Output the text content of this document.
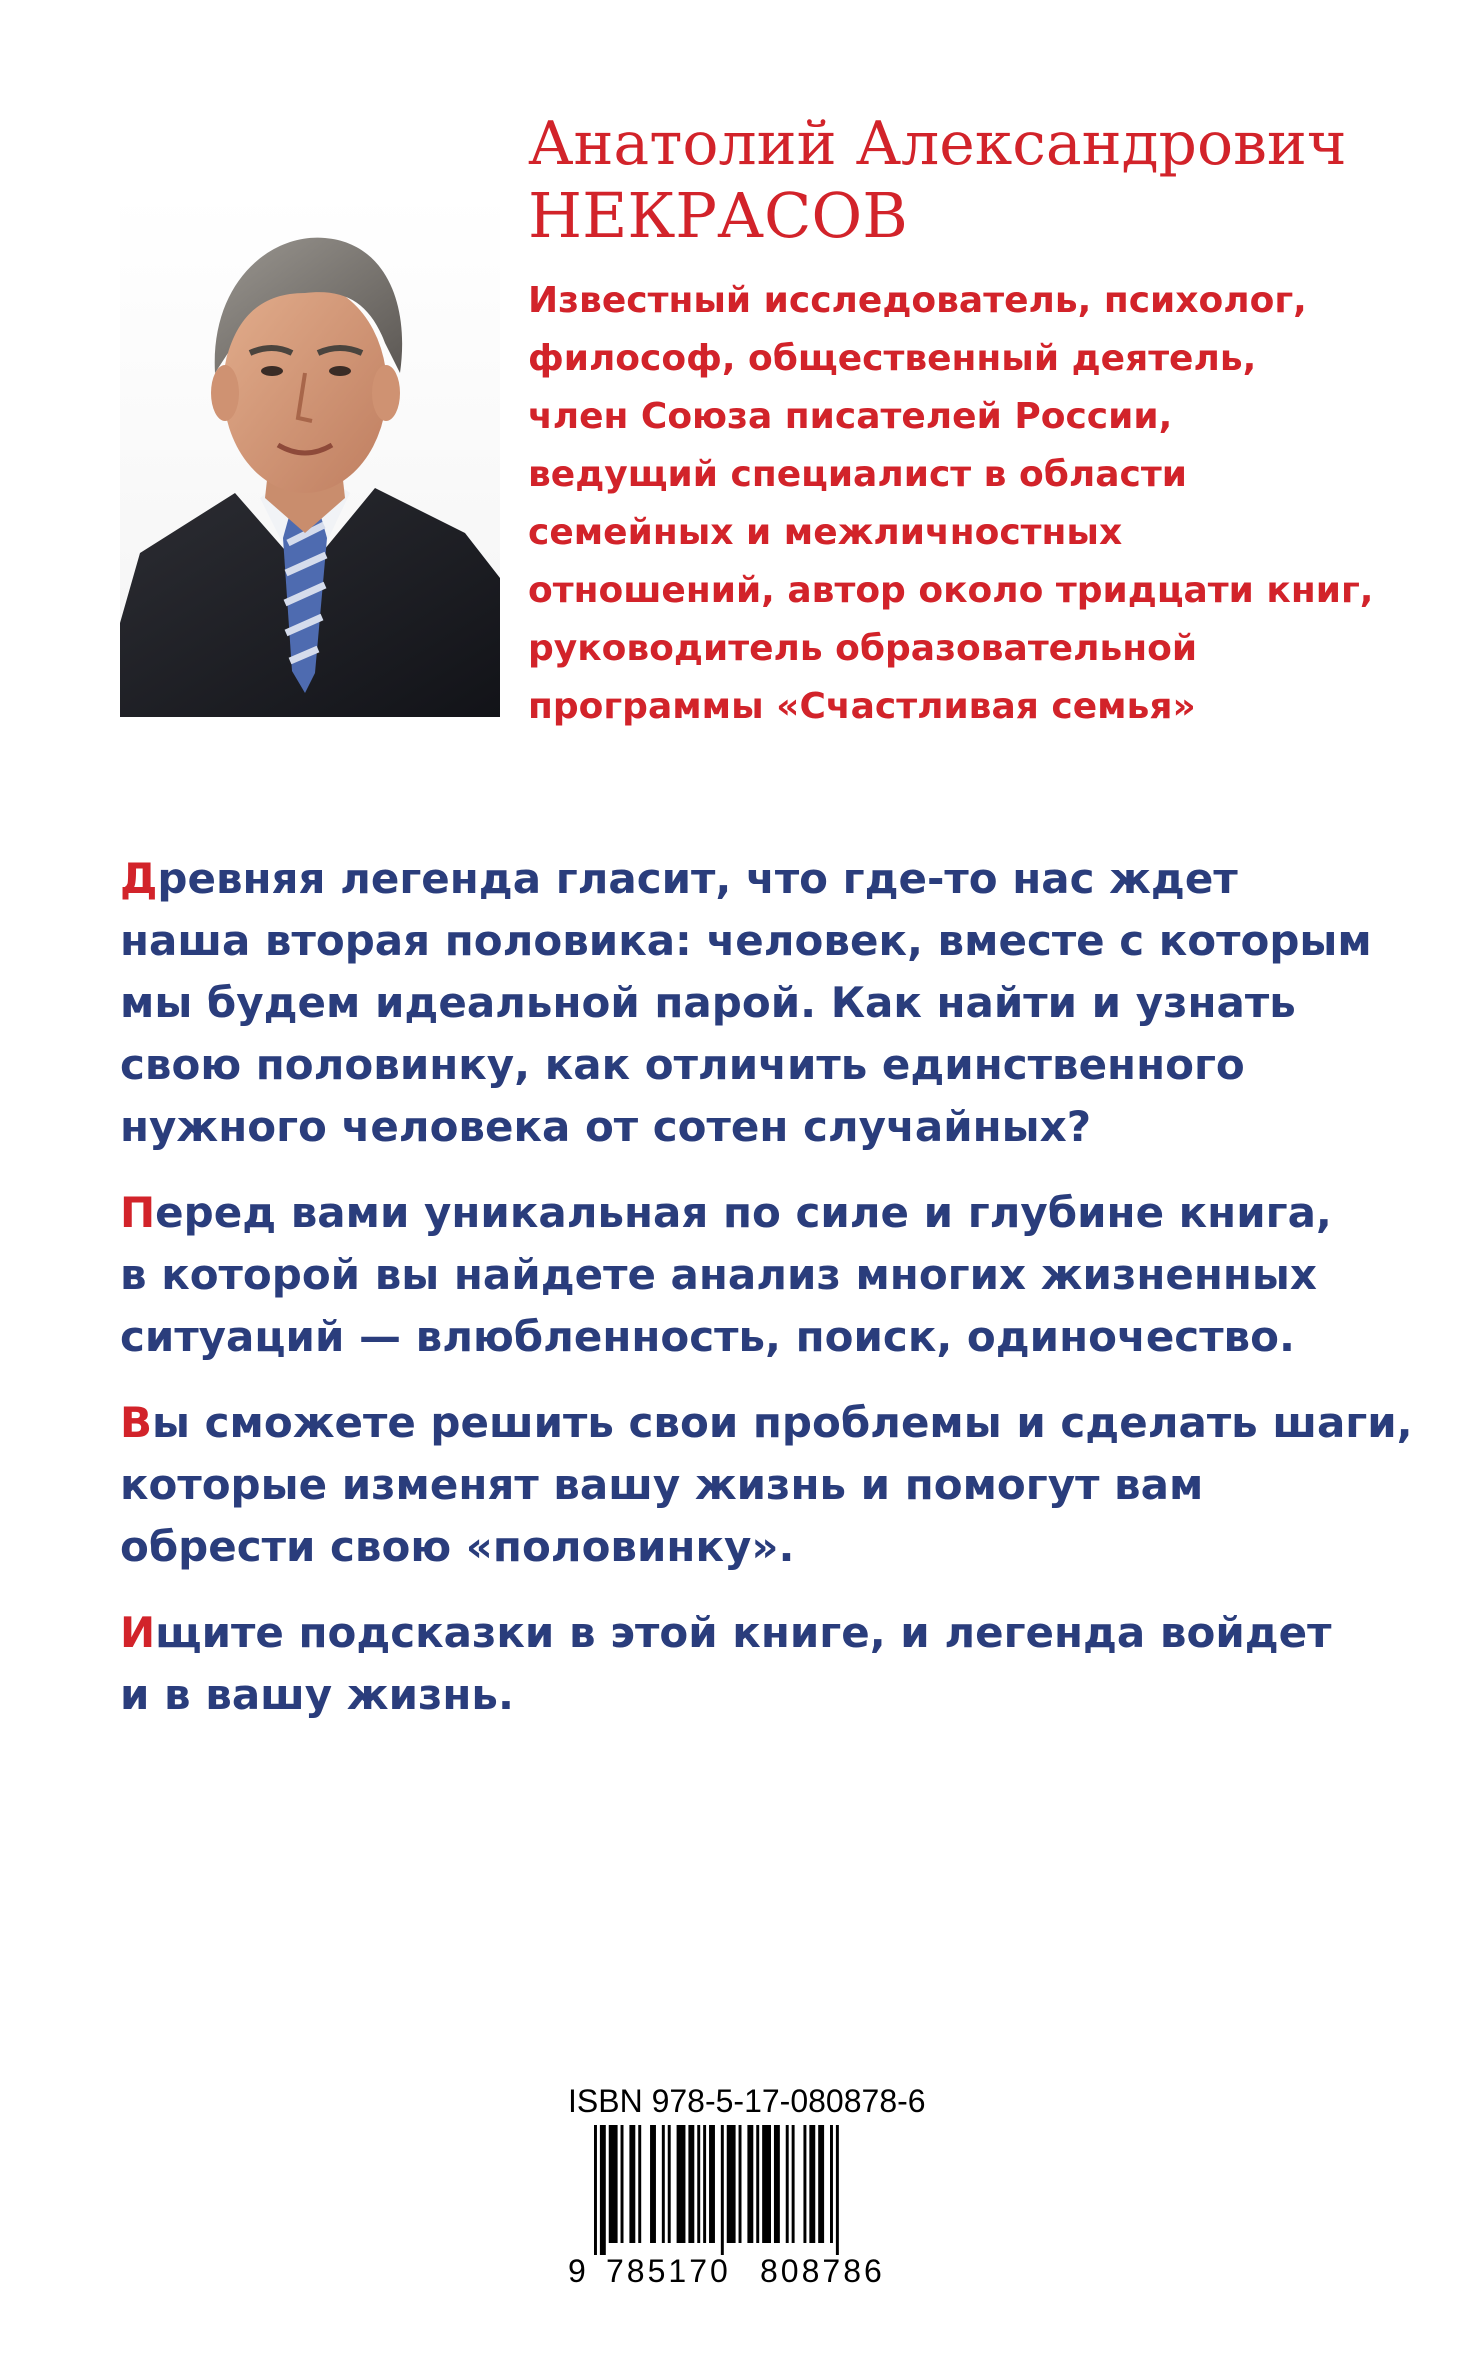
Анатолий Александрович
НЕКРАСОВ
Известный исследователь, психолог,
философ, общественный деятель,
член Союза писателей России,
ведущий специалист в области
семейных и межличностных
отношений, автор около тридцати книг,
руководитель образовательной
программы «Счастливая семья»

Древняя легенда гласит, что где-то нас ждет
наша вторая половика: человек, вместе с которым
мы будем идеальной парой. Как найти и узнать
свою половинку, как отличить единственного
нужного человека от сотен случайных?

Перед вами уникальная по силе и глубине книга,
в которой вы найдете анализ многих жизненных
ситуаций — влюбленность, поиск, одиночество.

Вы сможете решить свои проблемы и сделать шаги,
которые изменят вашу жизнь и помогут вам
обрести свою «половинку».

Ищите подсказки в этой книге, и легенда войдет
и в вашу жизнь.

ISBN 978-5-17-080878-6
9 785170 808786
